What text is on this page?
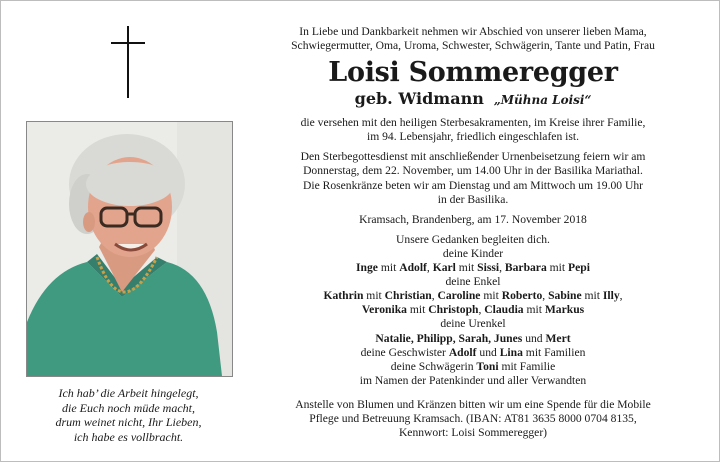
Ich hab’ die Arbeit hingelegt,
die Euch noch müde macht,
drum weinet nicht, Ihr Lieben,
ich habe es vollbracht.
In Liebe und Dankbarkeit nehmen wir Abschied von unserer lieben Mama,
Schwiegermutter, Oma, Uroma, Schwester, Schwägerin, Tante und Patin, Frau
Loisi Sommeregger
geb. Widmann „Mühna Loisi“
die versehen mit den heiligen Sterbesakramenten, im Kreise ihrer Familie,
im 94. Lebensjahr, friedlich eingeschlafen ist.
Den Sterbegottesdienst mit anschließender Urnenbeisetzung feiern wir am
Donnerstag, dem 22. November, um 14.00 Uhr in der Basilika Mariathal.
Die Rosenkränze beten wir am Dienstag und am Mittwoch um 19.00 Uhr
in der Basilika.
Kramsach, Brandenberg, am 17. November 2018
Unsere Gedanken begleiten dich.
deine Kinder
Inge mit Adolf, Karl mit Sissi, Barbara mit Pepi
deine Enkel
Kathrin mit Christian, Caroline mit Roberto, Sabine mit Illy,
Veronika mit Christoph, Claudia mit Markus
deine Urenkel
Natalie, Philipp, Sarah, Junes und Mert
deine Geschwister Adolf und Lina mit Familien
deine Schwägerin Toni mit Familie
im Namen der Patenkinder und aller Verwandten
Anstelle von Blumen und Kränzen bitten wir um eine Spende für die Mobile
Pflege und Betreuung Kramsach. (IBAN: AT81 3635 8000 0704 8135,
Kennwort: Loisi Sommeregger)
